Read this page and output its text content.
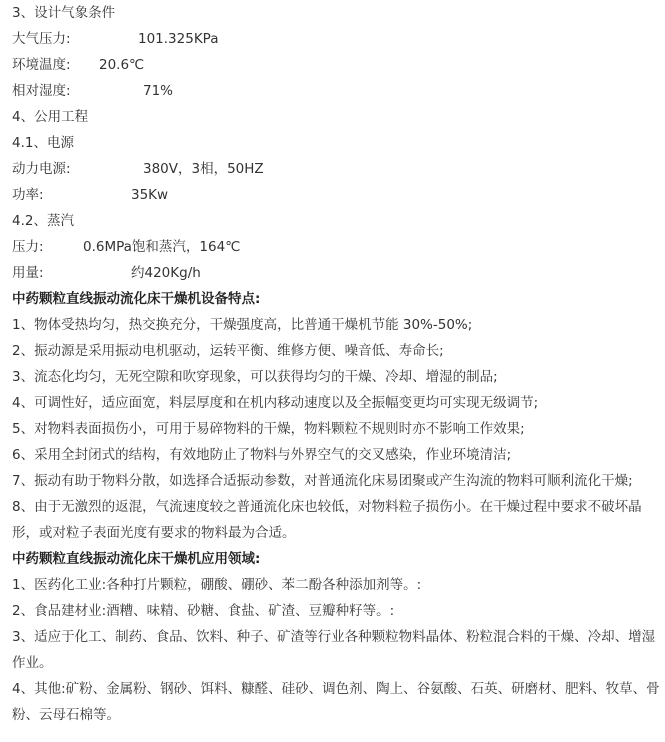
3、设计气象条件
大气压力:	101.325KPa
环境温度: 20.6℃
相对湿度:	71%
4、公用工程
4.1、电源
动力电源:	380V，3相，50HZ
功率:	35Kw
4.2、蒸汽
压力:	0.6MPa饱和蒸汽，164℃
用量:	约420Kg/h
中药颗粒直线振动流化床干燥机设备特点:
1、物体受热均匀，热交换充分，干燥强度高，比普通干燥机节能 30%-50%;
2、振动源是采用振动电机驱动，运转平衡、维修方便、噪音低、寿命长;
3、流态化均匀，无死空隙和吹穿现象，可以获得均匀的干燥、冷却、增湿的制品;
4、可调性好，适应面宽，料层厚度和在机内移动速度以及全振幅变更均可实现无级调节;
5、对物料表面损伤小，可用于易碎物料的干燥，物料颗粒不规则时亦不影响工作效果;
6、采用全封闭式的结构，有效地防止了物料与外界空气的交叉感染，作业环境清洁;
7、振动有助于物料分散，如选择合适振动参数，对普通流化床易团聚或产生沟流的物料可顺利流化干燥;
8、由于无激烈的返混，气流速度较之普通流化床也较低，对物料粒子损伤小。在干燥过程中要求不破坏晶形，或对粒子表面光度有要求的物料最为合适。
中药颗粒直线振动流化床干燥机应用领域:
1、医药化工业:各种打片颗粒，硼酸、硼砂、苯二酚各种添加剂等。:
2、食品建材业:酒糟、味精、砂糖、食盐、矿渣、豆瓣种籽等。:
3、适应于化工、制药、食品、饮料、种子、矿渣等行业各种颗粒物料晶体、粉粒混合料的干燥、冷却、增湿作业。
4、其他:矿粉、金属粉、钢砂、饵料、糠醛、硅砂、调色剂、陶上、谷氨酸、石英、研磨材、肥料、牧草、骨粉、云母石棉等。
